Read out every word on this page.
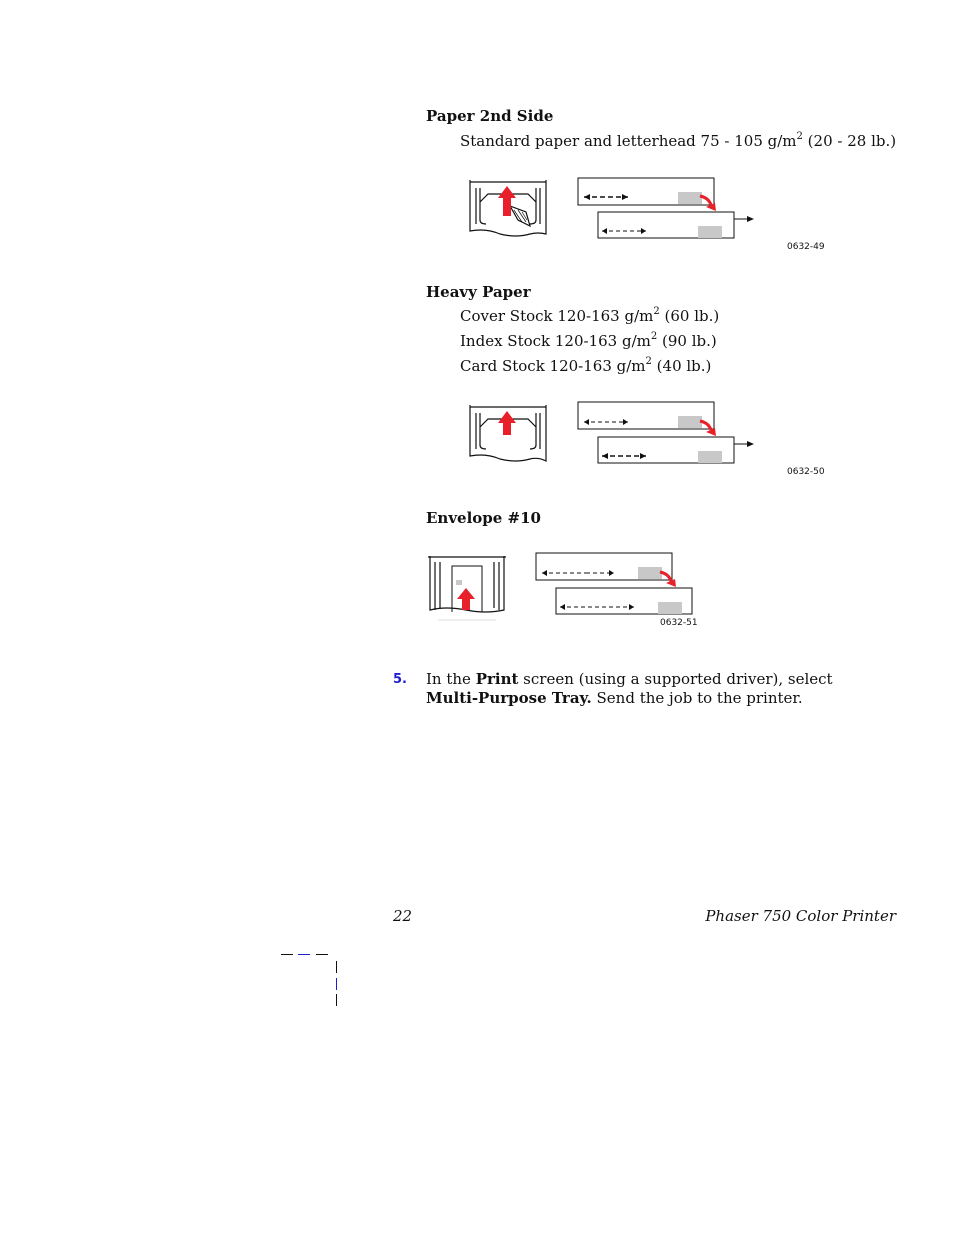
Paper 2nd Side
Standard paper and letterhead 75 - 105 $g/m^2$ (20 - 28 lb.)
0632-49
Heavy Paper
Cover Stock 120-163 $g/m^2$ (60 lb.)
Index Stock 120-163 $g/m^2$ (90 lb.)
Card Stock 120-163 $g/m^2$ (40 lb.)
0632-50
Envelope #10
0632-51
5. In the Print screen (using a supported driver), select
Multi-Purpose Tray. Send the job to the printer.
22	Phaser 750 Color Printer
